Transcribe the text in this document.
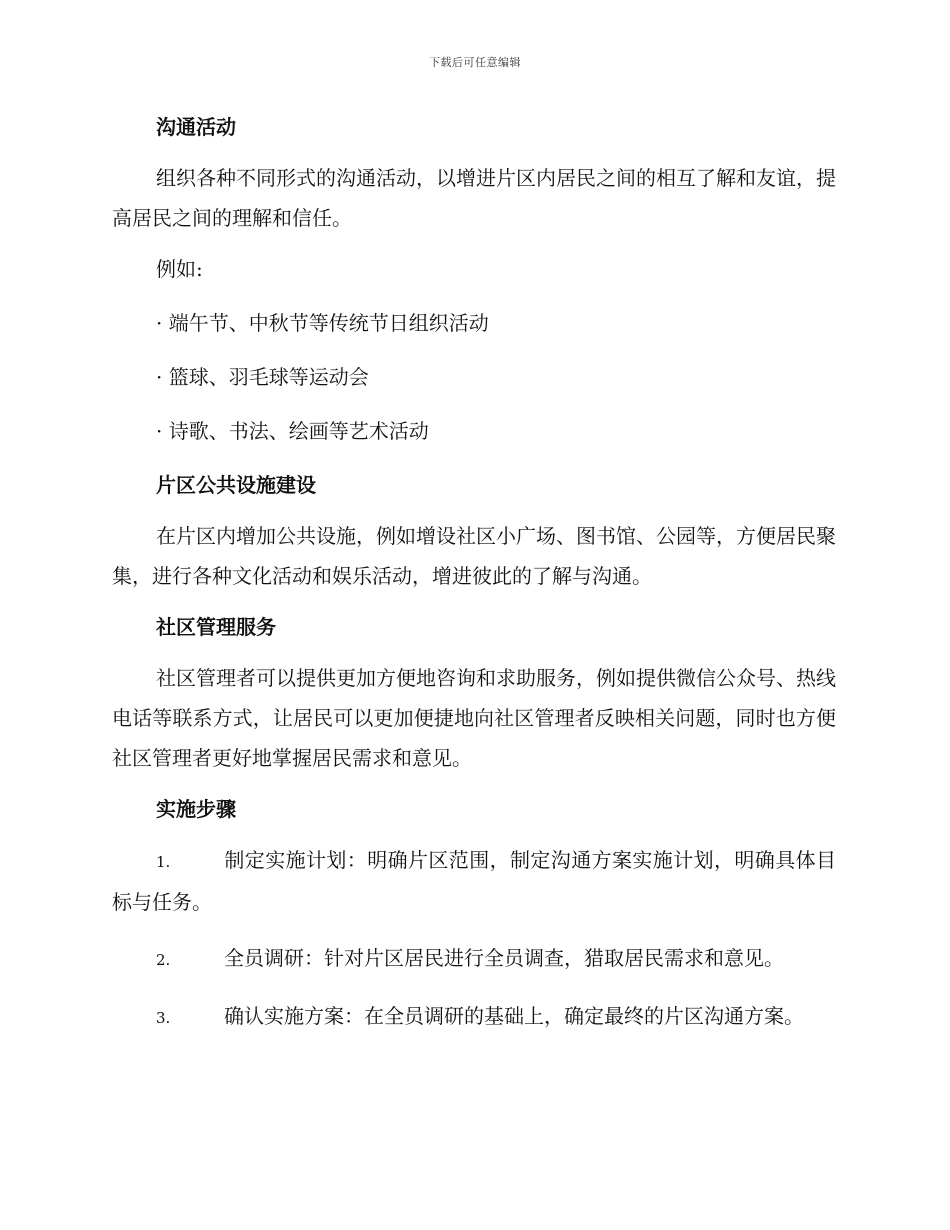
下载后可任意编辑
沟通活动

组织各种不同形式的沟通活动，以增进片区内居民之间的相互了解和友谊，提高居民之间的理解和信任。

例如:
· 端午节、中秋节等传统节日组织活动
· 篮球、羽毛球等运动会
· 诗歌、书法、绘画等艺术活动
片区公共设施建设

在片区内增加公共设施，例如增设社区小广场、图书馆、公园等，方便居民聚集，进行各种文化活动和娱乐活动，增进彼此的了解与沟通。

社区管理服务

社区管理者可以提供更加方便地咨询和求助服务，例如提供微信公众号、热线电话等联系方式，让居民可以更加便捷地向社区管理者反映相关问题，同时也方便社区管理者更好地掌握居民需求和意见。

实施步骤
1.	制定实施计划：明确片区范围，制定沟通方案实施计划，明确具体目标与任务。
2.	全员调研：针对片区居民进行全员调查，猎取居民需求和意见。
3.	确认实施方案：在全员调研的基础上，确定最终的片区沟通方案。
